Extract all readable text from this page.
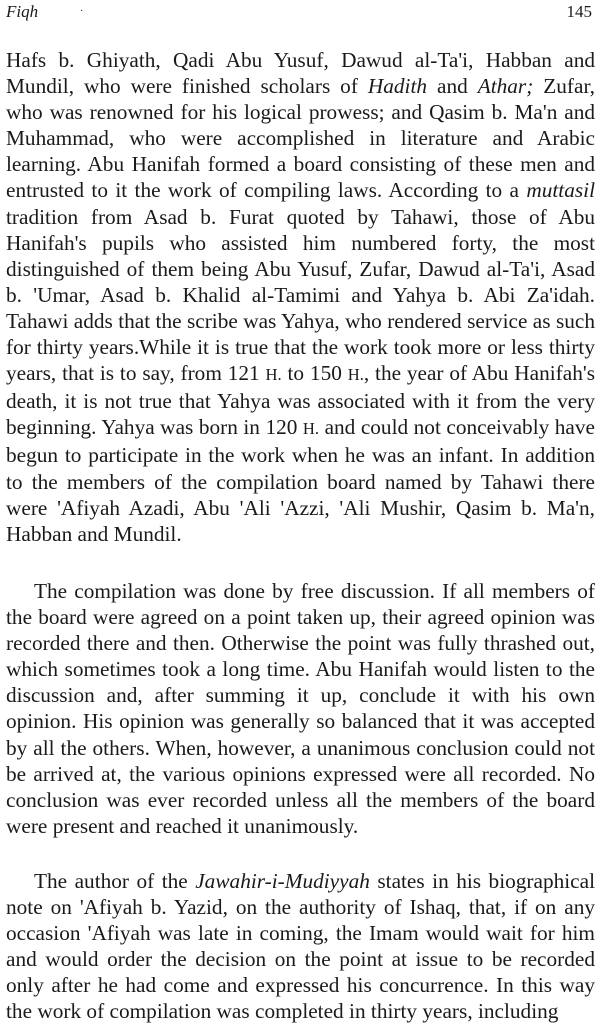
Fiqh	·	145

Hafs b. Ghiyath, Qadi Abu Yusuf, Dawud al-Ta'i, Habban and Mundil, who were finished scholars of Hadith and Athar; Zufar, who was renowned for his logical prowess; and Qasim b. Ma'n and Muhammad, who were accomplished in literature and Arabic learning. Abu Hanifah formed a board consisting of these men and entrusted to it the work of compiling laws. According to a muttasil tradition from Asad b. Furat quoted by Tahawi, those of Abu Hanifah's pupils who assisted him numbered forty, the most distinguished of them being Abu Yusuf, Zufar, Dawud al-Ta'i, Asad b. 'Umar, Asad b. Khalid al-Tamimi and Yahya b. Abi Za'idah. Tahawi adds that the scribe was Yahya, who rendered service as such for thirty years.While it is true that the work took more or less thirty years, that is to say, from 121 H. to 150 H., the year of Abu Hanifah's death, it is not true that Yahya was associated with it from the very beginning. Yahya was born in 120 H. and could not conceivably have begun to participate in the work when he was an infant. In addition to the members of the compilation board named by Tahawi there were 'Afiyah Azadi, Abu 'Ali 'Azzi, 'Ali Mushir, Qasim b. Ma'n, Habban and Mundil.

The compilation was done by free discussion. If all members of the board were agreed on a point taken up, their agreed opinion was recorded there and then. Otherwise the point was fully thrashed out, which sometimes took a long time. Abu Hanifah would listen to the discussion and, after summing it up, conclude it with his own opinion. His opinion was generally so balanced that it was accepted by all the others. When, however, a unanimous conclusion could not be arrived at, the various opinions expressed were all recorded. No conclusion was ever recorded unless all the members of the board were present and reached it unanimously.

The author of the Jawahir-i-Mudiyyah states in his biographical note on 'Afiyah b. Yazid, on the authority of Ishaq, that, if on any occasion 'Afiyah was late in coming, the Imam would wait for him and would order the decision on the point at issue to be recorded only after he had come and expressed his concurrence. In this way the work of compilation was completed in thirty years, including
